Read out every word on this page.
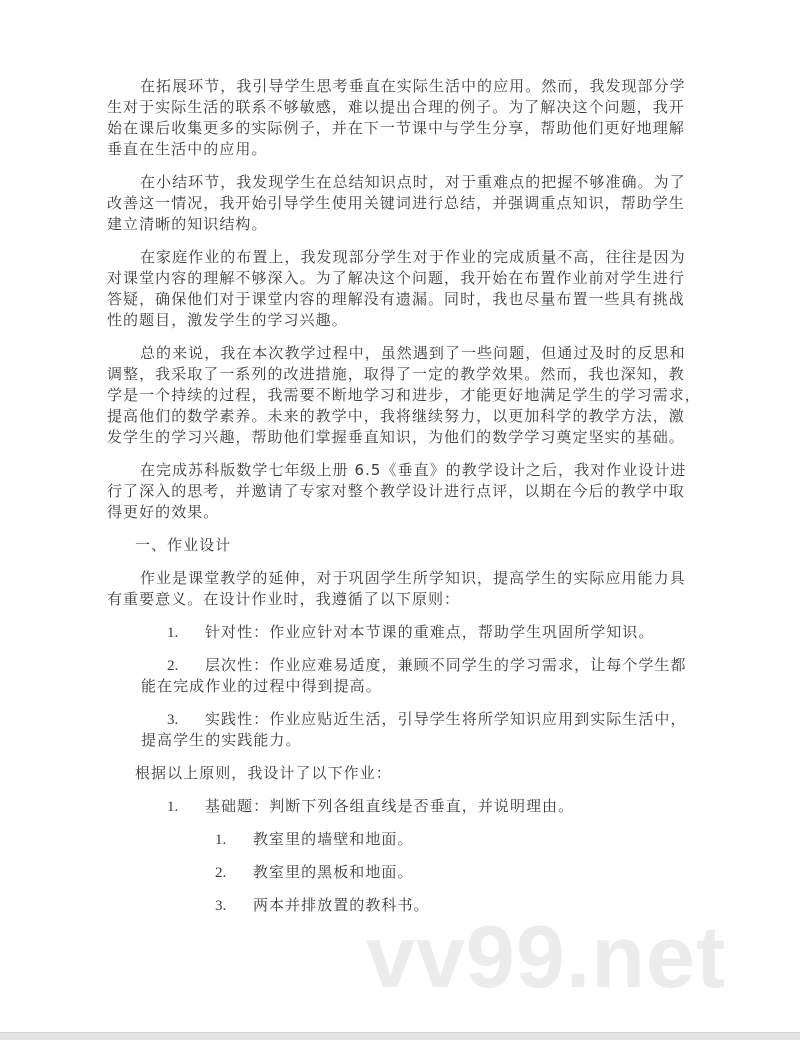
在拓展环节，我引导学生思考垂直在实际生活中的应用。然而，我发现部分学
生对于实际生活的联系不够敏感，难以提出合理的例子。为了解决这个问题，我开
始在课后收集更多的实际例子，并在下一节课中与学生分享，帮助他们更好地理解
垂直在生活中的应用。
在小结环节，我发现学生在总结知识点时，对于重难点的把握不够准确。为了
改善这一情况，我开始引导学生使用关键词进行总结，并强调重点知识，帮助学生
建立清晰的知识结构。
在家庭作业的布置上，我发现部分学生对于作业的完成质量不高，往往是因为
对课堂内容的理解不够深入。为了解决这个问题，我开始在布置作业前对学生进行
答疑，确保他们对于课堂内容的理解没有遗漏。同时，我也尽量布置一些具有挑战
性的题目，激发学生的学习兴趣。
总的来说，我在本次教学过程中，虽然遇到了一些问题，但通过及时的反思和
调整，我采取了一系列的改进措施，取得了一定的教学效果。然而，我也深知，教
学是一个持续的过程，我需要不断地学习和进步，才能更好地满足学生的学习需求，
提高他们的数学素养。未来的教学中，我将继续努力，以更加科学的教学方法，激
发学生的学习兴趣，帮助他们掌握垂直知识，为他们的数学学习奠定坚实的基础。
在完成苏科版数学七年级上册 6.5《垂直》的教学设计之后，我对作业设计进
行了深入的思考，并邀请了专家对整个教学设计进行点评，以期在今后的教学中取
得更好的效果。
一、作业设计
作业是课堂教学的延伸，对于巩固学生所学知识，提高学生的实际应用能力具
有重要意义。在设计作业时，我遵循了以下原则：
1. 针对性：作业应针对本节课的重难点，帮助学生巩固所学知识。
2. 层次性：作业应难易适度，兼顾不同学生的学习需求，让每个学生都
能在完成作业的过程中得到提高。
3. 实践性：作业应贴近生活，引导学生将所学知识应用到实际生活中，
提高学生的实践能力。
根据以上原则，我设计了以下作业：
1. 基础题：判断下列各组直线是否垂直，并说明理由。
1. 教室里的墙壁和地面。
2. 教室里的黑板和地面。
3. 两本并排放置的教科书。
vv99.net
